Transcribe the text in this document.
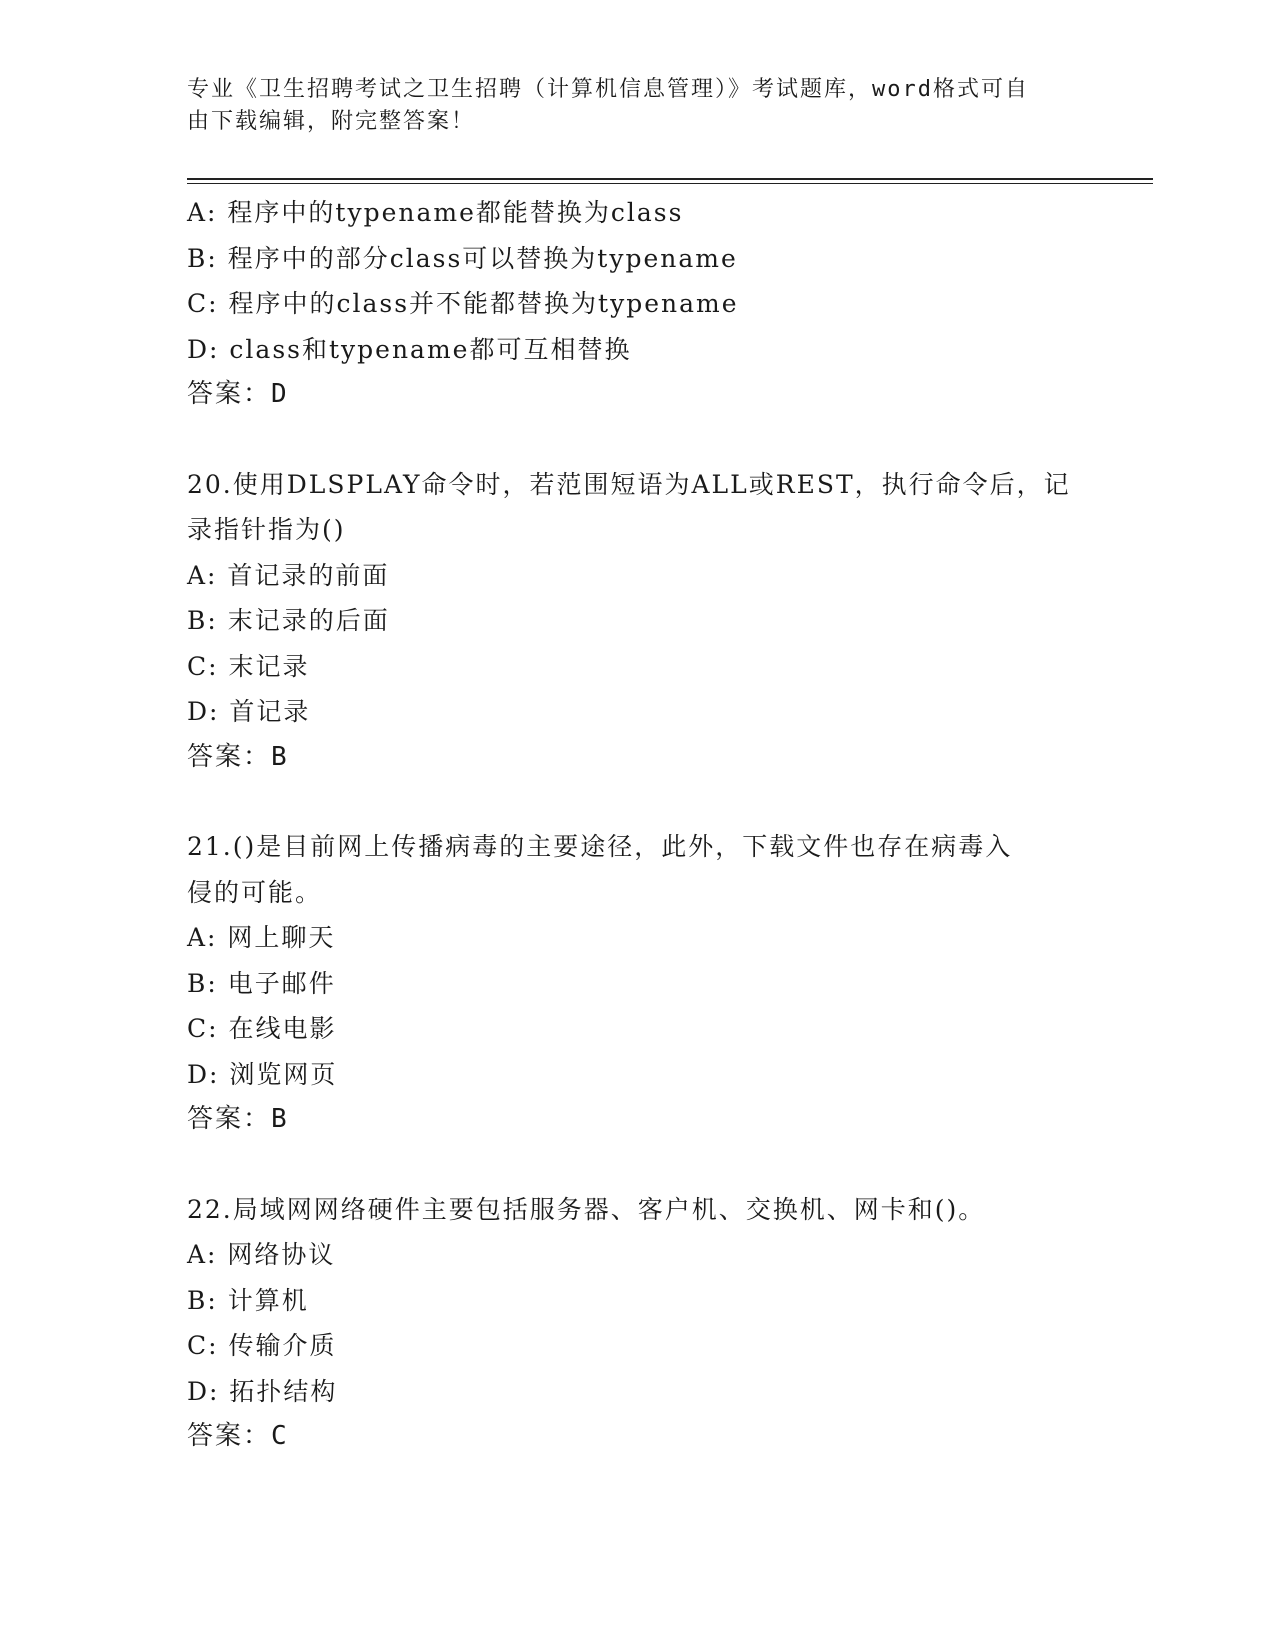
专业《卫生招聘考试之卫生招聘（计算机信息管理）》考试题库，word格式可自
由下载编辑，附完整答案！
A: 程序中的typename都能替换为class
B: 程序中的部分class可以替换为typename
C: 程序中的class并不能都替换为typename
D: class和typename都可互相替换
答案：D
20.使用DLSPLAY命令时，若范围短语为ALL或REST，执行命令后，记
录指针指为()
A: 首记录的前面
B: 末记录的后面
C: 末记录
D: 首记录
答案：B
21.()是目前网上传播病毒的主要途径，此外，下载文件也存在病毒入
侵的可能。
A: 网上聊天
B: 电子邮件
C: 在线电影
D: 浏览网页
答案：B
22.局域网网络硬件主要包括服务器、客户机、交换机、网卡和()。
A: 网络协议
B: 计算机
C: 传输介质
D: 拓扑结构
答案：C
